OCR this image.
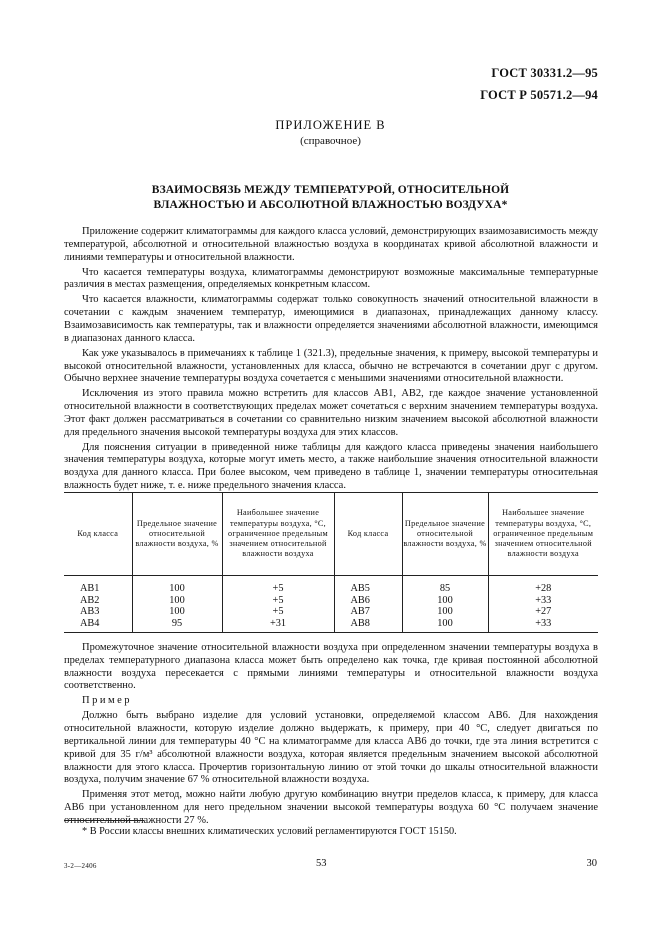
ГОСТ 30331.2—95
ГОСТ Р 50571.2—94
ПРИЛОЖЕНИЕ В
(справочное)
ВЗАИМОСВЯЗЬ МЕЖДУ ТЕМПЕРАТУРОЙ, ОТНОСИТЕЛЬНОЙ
ВЛАЖНОСТЬЮ И АБСОЛЮТНОЙ ВЛАЖНОСТЬЮ ВОЗДУХА*

Приложение содержит климатограммы для каждого класса условий, демонстрирующих взаимозависимость между температурой, абсолютной и относительной влажностью воздуха в координатах кривой абсолютной влажности и линиями температуры и относительной влажности.

Что касается температуры воздуха, климатограммы демонстрируют возможные максимальные температурные различия в местах размещения, определяемых конкретным классом.

Что касается влажности, климатограммы содержат только совокупность значений относительной влажности в сочетании с каждым значением температур, имеющимися в диапазонах, принадлежащих данному классу. Взаимозависимость как температуры, так и влажности определяется значениями абсолютной влажности, имеющимся в диапазонах данного класса.

Как уже указывалось в примечаниях к таблице 1 (321.3), предельные значения, к примеру, высокой температуры и высокой относительной влажности, установленных для класса, обычно не встречаются в сочетании друг с другом. Обычно верхнее значение температуры воздуха сочетается с меньшими значениями относительной влажности.

Исключения из этого правила можно встретить для классов АВ1, АВ2, где каждое значение установленной относительной влажности в соответствующих пределах может сочетаться с верхним значением температуры воздуха. Этот факт должен рассматриваться в сочетании со сравнительно низким значением высокой абсолютной влажности для предельного значения высокой температуры воздуха для этих классов.

Для пояснения ситуации в приведенной ниже таблицы для каждого класса приведены значения наибольшего значения температуры воздуха, которые могут иметь место, а также наибольшие значения относительной влажности воздуха для данного класса. При более высоком, чем приведено в таблице 1, значении температуры относительная влажность будет ниже, т. е. ниже предельного значения класса.

Код класса	Предельное значение относительной влажности воздуха, %	Наибольшее значение температуры воздуха, °С, ограниченное предельным значением относительной влажности воздуха	Код класса	Предельное значение относительной влажности воздуха, %	Наибольшее значение температуры воздуха, °С, ограниченное предельным значением относительной влажности воздуха
АВ1	100	+5	АВ5	85	+28
АВ2	100	+5	АВ6	100	+33
АВ3	100	+5	АВ7	100	+27
АВ4	95	+31	АВ8	100	+33

Промежуточное значение относительной влажности воздуха при определенном значении температуры воздуха в пределах температурного диапазона класса может быть определено как точка, где кривая постоянной абсолютной влажности воздуха пересекается с прямыми линиями температуры и относительной влажности воздуха соответственно.

Пример

Должно быть выбрано изделие для условий установки, определяемой классом АВ6. Для нахождения относительной влажности, которую изделие должно выдержать, к примеру, при 40 °С, следует двигаться по вертикальной линии для температуры 40 °С на климатограмме для класса АВ6 до точки, где эта линия встретится с кривой для 35 г/м³ абсолютной влажности воздуха, которая является предельным значением высокой абсолютной влажности для этого класса. Прочертив горизонтальную линию от этой точки до шкалы относительной влажности воздуха, получим значение 67 % относительной влажности воздуха.

Применяя этот метод, можно найти любую другую комбинацию внутри пределов класса, к примеру, для класса АВ6 при установленном для него предельном значении высокой температуры воздуха 60 °С получаем значение относительной влажности 27 %.

* В России классы внешних климатических условий регламентируются ГОСТ 15150.
3-2—2406	53	30
